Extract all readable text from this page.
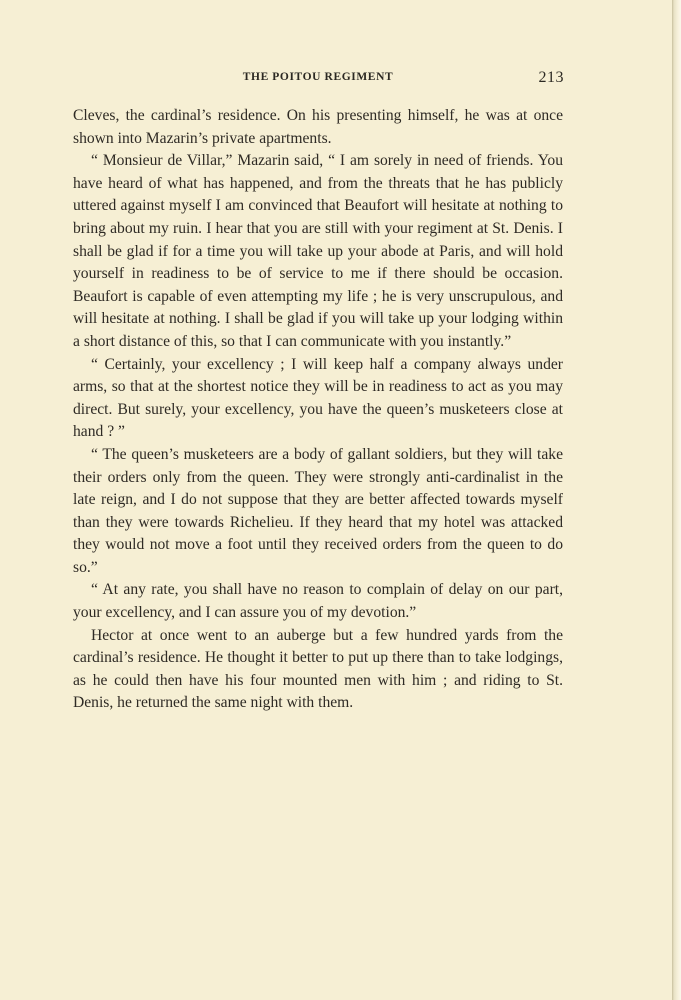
THE POITOU REGIMENT	213

Cleves, the cardinal’s residence. On his presenting himself, he was at once shown into Mazarin’s private apartments.

“ Monsieur de Villar,” Mazarin said, “ I am sorely in need of friends. You have heard of what has happened, and from the threats that he has publicly uttered against myself I am convinced that Beaufort will hesitate at nothing to bring about my ruin. I hear that you are still with your regiment at St. Denis. I shall be glad if for a time you will take up your abode at Paris, and will hold yourself in readiness to be of service to me if there should be occasion. Beaufort is capable of even attempting my life ; he is very unscrupulous, and will hesitate at nothing. I shall be glad if you will take up your lodging within a short distance of this, so that I can communicate with you instantly.”

“ Certainly, your excellency ; I will keep half a company always under arms, so that at the shortest notice they will be in readiness to act as you may direct. But surely, your excellency, you have the queen’s musketeers close at hand ? ”

“ The queen’s musketeers are a body of gallant soldiers, but they will take their orders only from the queen. They were strongly anti-cardinalist in the late reign, and I do not suppose that they are better affected towards myself than they were towards Richelieu. If they heard that my hotel was attacked they would not move a foot until they received orders from the queen to do so.”

“ At any rate, you shall have no reason to complain of delay on our part, your excellency, and I can assure you of my devotion.”

Hector at once went to an auberge but a few hundred yards from the cardinal’s residence. He thought it better to put up there than to take lodgings, as he could then have his four mounted men with him ; and riding to St. Denis, he returned the same night with them.
